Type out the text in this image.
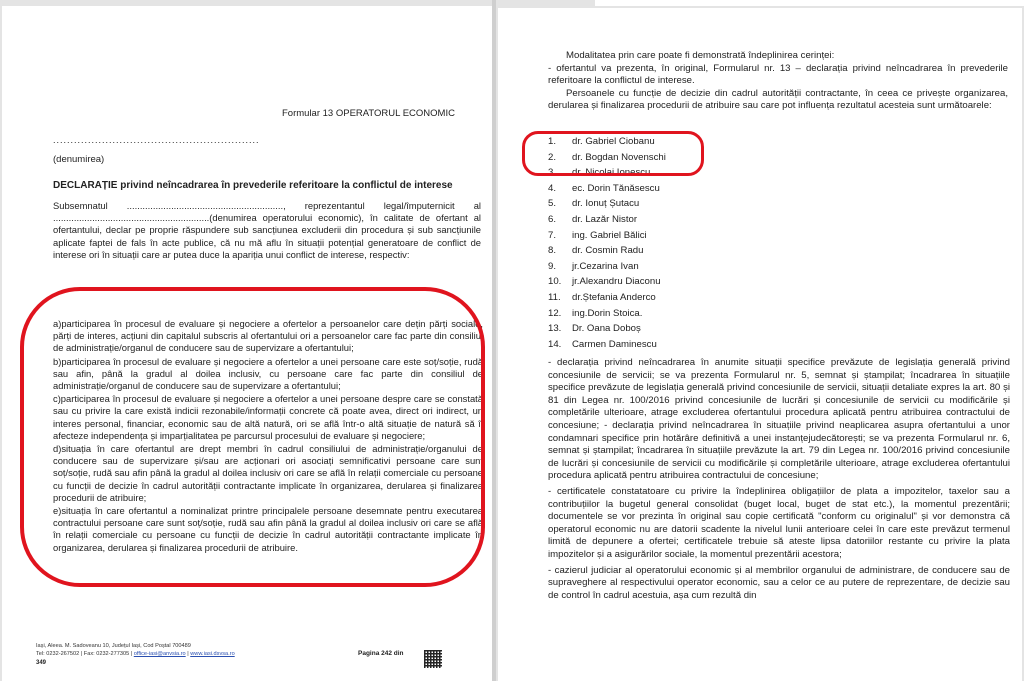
Formular 13 OPERATORUL ECONOMIC
...........................................................
(denumirea)
DECLARAȚIE privind neîncadrarea în prevederile referitoare la conflictul de interese

Subsemnatul ............................................................, reprezentantul legal/împuternicit al ............................................................(denumirea operatorului economic), în calitate de ofertant al ofertantului, declar pe proprie răspundere sub sancțiunea excluderii din procedura și sub sancțiunile aplicate faptei de fals în acte publice, că nu mă aflu în situații potențial generatoare de conflict de interese ori în situații care ar putea duce la apariția unui conflict de interese, respectiv:

a)participarea în procesul de evaluare și negociere a ofertelor a persoanelor care dețin părți sociale, părți de interes, acțiuni din capitalul subscris al ofertantului ori a persoanelor care fac parte din consiliul de administrație/organul de conducere sau de supervizare a ofertantului;

b)participarea în procesul de evaluare și negociere a ofertelor a unei persoane care este soț/soție, rudă sau afin, până la gradul al doilea inclusiv, cu persoane care fac parte din consiliul de administrație/organul de conducere sau de supervizare a ofertantului;

c)participarea în procesul de evaluare și negociere a ofertelor a unei persoane despre care se constată sau cu privire la care există indicii rezonabile/informații concrete că poate avea, direct ori indirect, un interes personal, financiar, economic sau de altă natură, ori se află într-o altă situație de natură să îi afecteze independența și imparțialitatea pe parcursul procesului de evaluare și negociere;

d)situația în care ofertantul are drept membri în cadrul consiliului de administrație/organului de conducere sau de supervizare și/sau are acționari ori asociați semnificativi persoane care sunt soț/soție, rudă sau afin până la gradul al doilea inclusiv ori care se află în relații comerciale cu persoane cu funcții de decizie în cadrul autorității contractante implicate în organizarea, derularea și finalizarea procedurii de atribuire;

e)situația în care ofertantul a nominalizat printre principalele persoane desemnate pentru executarea contractului persoane care sunt soț/soție, rudă sau afin până la gradul al doilea inclusiv ori care se află în relații comerciale cu persoane cu funcții de decizie în cadrul autorității contractante implicate în organizarea, derularea și finalizarea procedurii de atribuire.

Iași, Aleea. M. Sadoveanu 10, Județul Iași, Cod Poștal 700489
Tel: 0232-267502 | Fax: 0232-277305 | office-iasi@anvsia.ro | www.iasi.dsvsa.ro
349
Pagina 242 din

Modalitatea prin care poate fi demonstrată îndeplinirea cerinței:

- ofertantul va prezenta, în original, Formularul nr. 13 – declarația privind neîncadrarea în prevederile referitoare la conflictul de interese.

Persoanele cu funcție de decizie din cadrul autorității contractante, în ceea ce privește organizarea, derularea și finalizarea procedurii de atribuire sau care pot influența rezultatul acesteia sunt următoarele:

1.	dr. Gabriel Ciobanu
2.	dr. Bogdan Novenschi
3.	dr. Nicolai Ionescu
4.	ec. Dorin Tănăsescu
5.	dr. Ionuț Șutacu
6.	dr. Lazăr Nistor
7.	ing. Gabriel Bălici
8.	dr. Cosmin Radu
9.	jr.Cezarina Ivan
10.	jr.Alexandru Diaconu
11.	dr.Ștefania Anderco
12.	ing.Dorin Stoica.
13.	Dr. Oana Doboș
14.	Carmen Daminescu

- declarația privind neîncadrarea în anumite situații specifice prevăzute de legislația generală privind concesiunile de servicii; se va prezenta Formularul nr. 5, semnat și ștampilat; încadrarea în situațiile specifice prevăzute de legislația generală privind concesiunile de servicii, situații detaliate expres la art. 80 și 81 din Legea nr. 100/2016 privind concesiunile de lucrări și concesiunile de servicii cu modificările și completările ulterioare, atrage excluderea ofertantului procedura aplicată pentru atribuirea contractului de concesiune; - declarația privind neîncadrarea în situațiile privind neaplicarea asupra ofertantului a unor condamnari specifice prin hotărâre definitivă a unei instanțejudecătorești; se va prezenta Formularul nr. 6, semnat și ștampilat; încadrarea în situațiile prevăzute la art. 79 din Legea nr. 100/2016 privind concesiunile de lucrări și concesiunile de servicii cu modificările și completările ulterioare, atrage excluderea ofertantului procedura aplicată pentru atribuirea contractului de concesiune;

- certificatele constatatoare cu privire la îndeplinirea obligațiilor de plata a impozitelor, taxelor sau a contribuțiilor la bugetul general consolidat (buget local, buget de stat etc.), la momentul prezentării; documentele se vor prezinta în original sau copie certificată "conform cu originalul" și vor demonstra că operatorul economic nu are datorii scadente la nivelul lunii anterioare celei în care este prevăzut termenul limită de depunere a ofertei; certificatele trebuie să ateste lipsa datoriilor restante cu privire la plata impozitelor și a asigurărilor sociale, la momentul prezentării acestora;

- cazierul judiciar al operatorului economic și al membrilor organului de administrare, de conducere sau de supraveghere al respectivului operator economic, sau a celor ce au putere de reprezentare, de decizie sau de control în cadrul acestuia, așa cum rezultă din
